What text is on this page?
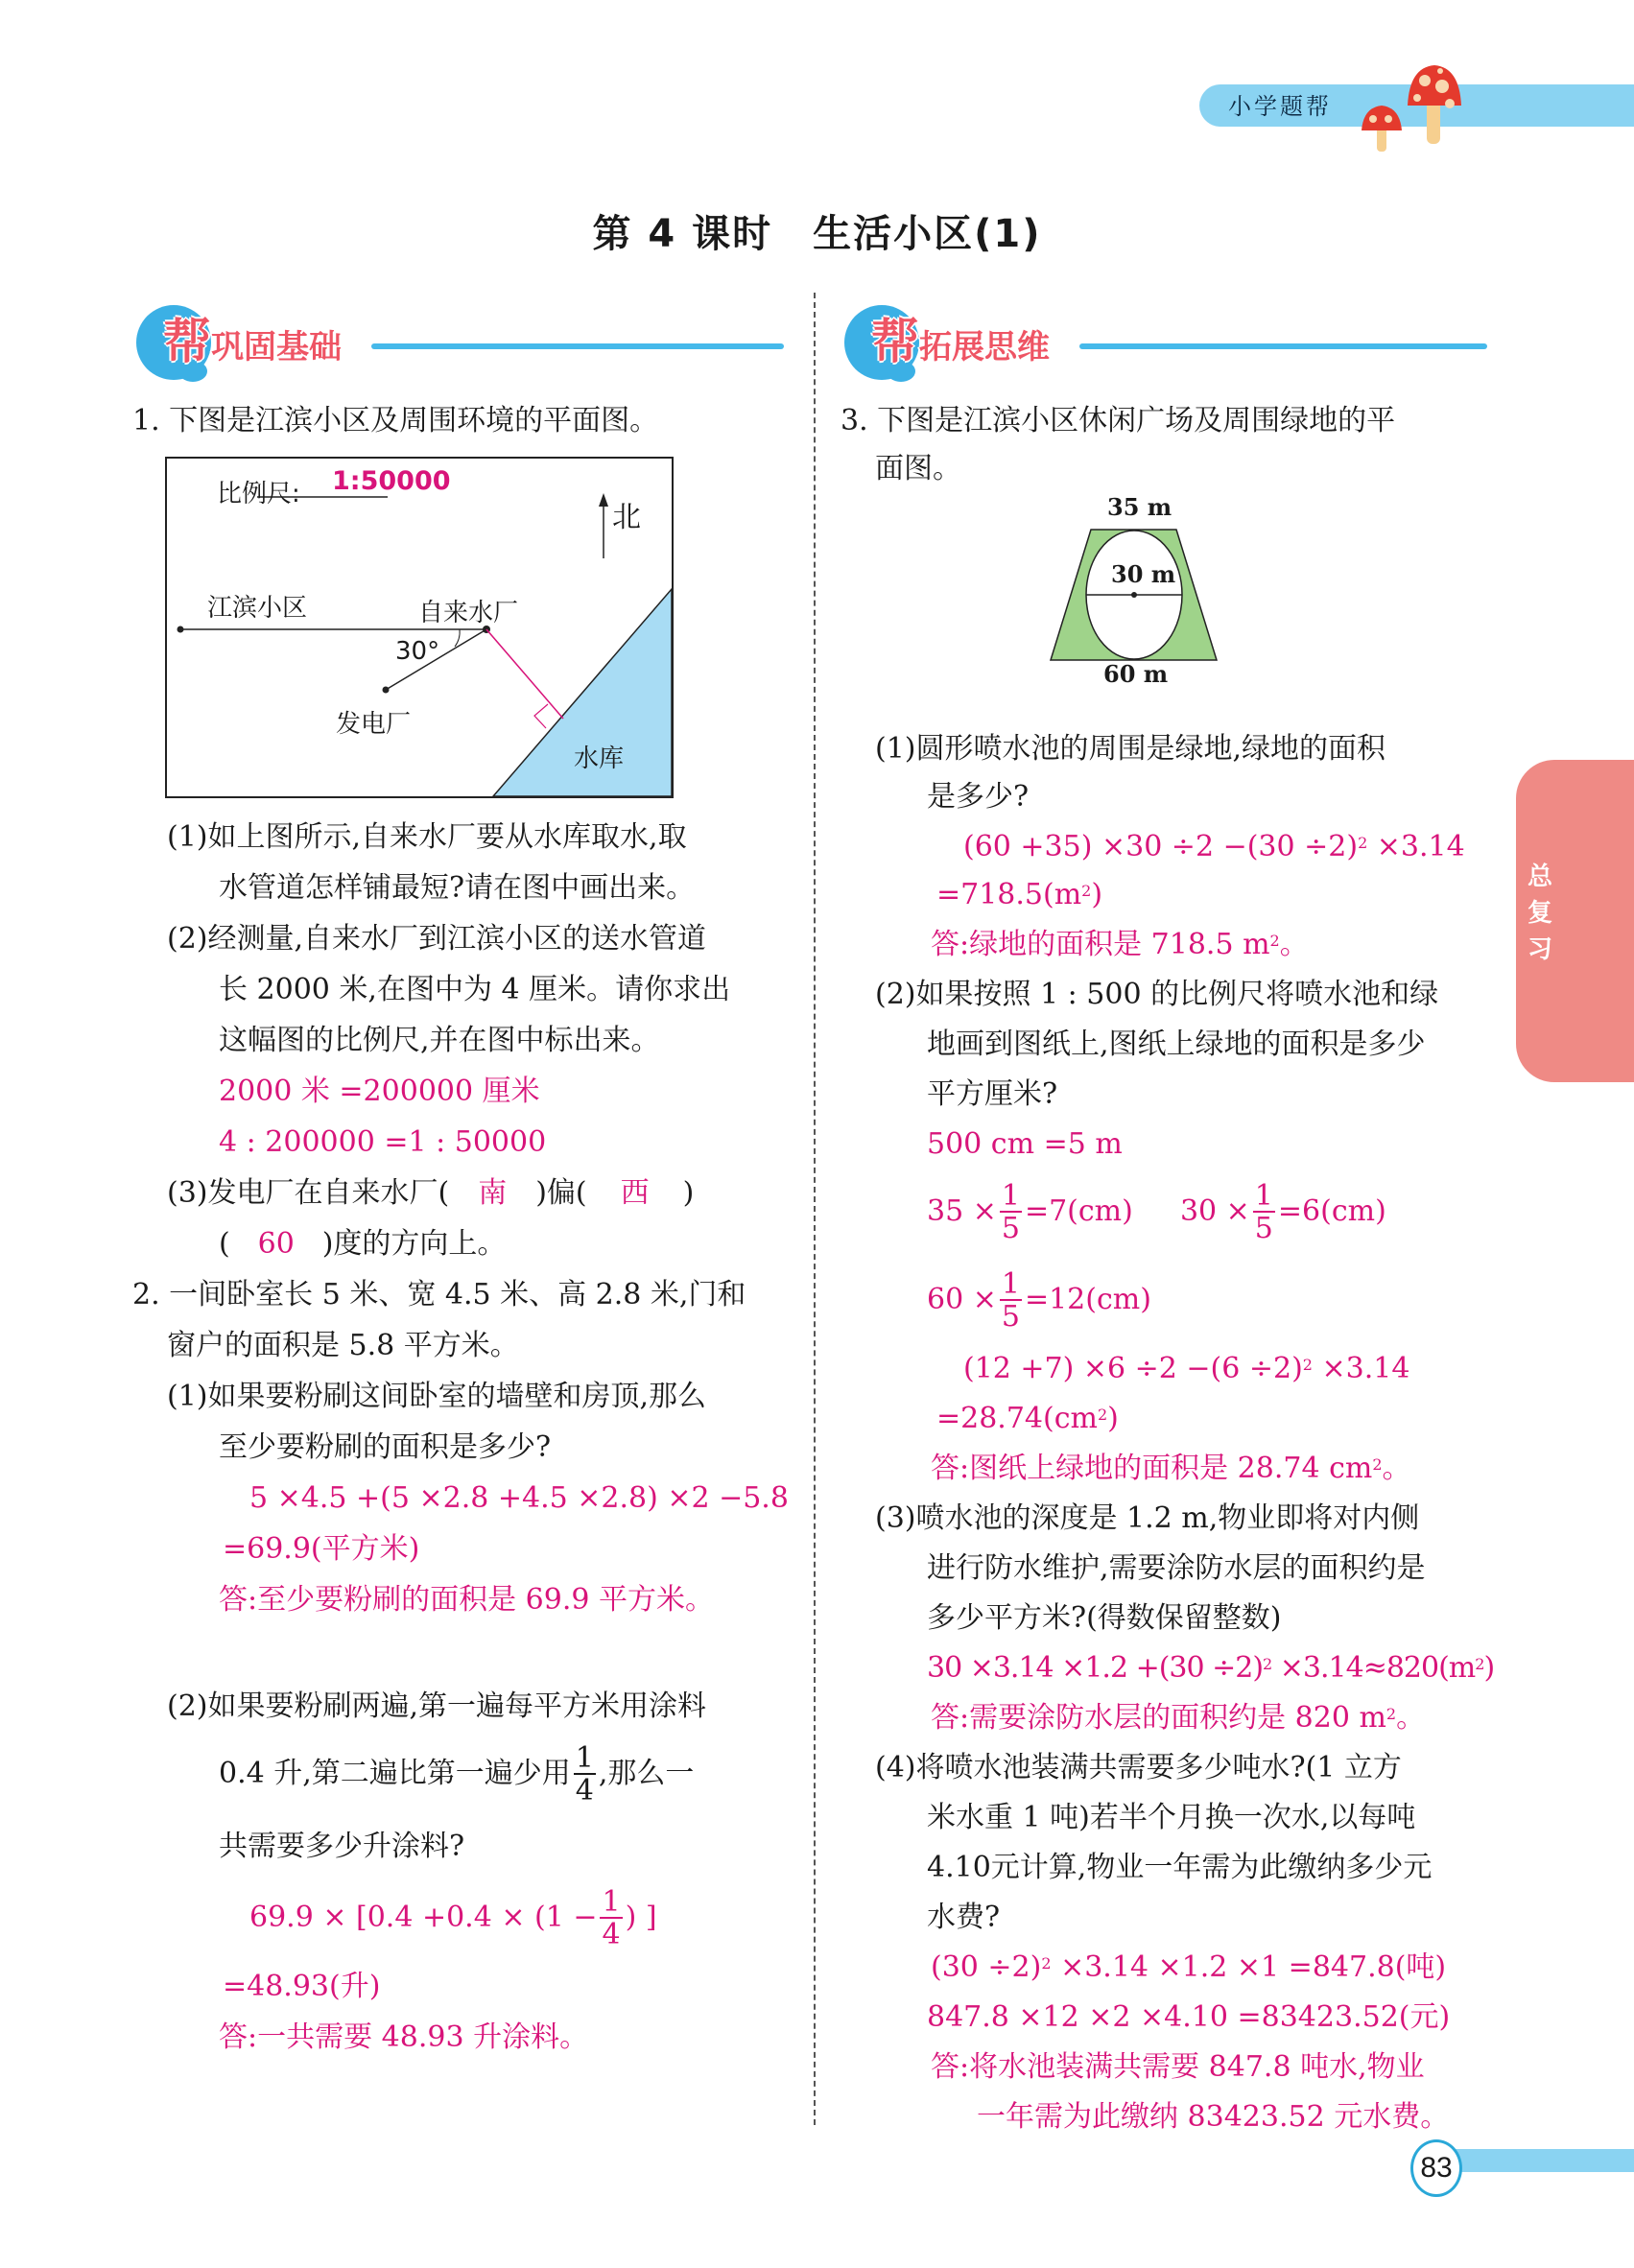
小学题帮
第 4 课时　生活小区(1)
帮巩固基础	帮拓展思维
1. 下图是江滨小区及周围环境的平面图。
比例尺: 1:50000
北
江滨小区	自来水厂
30°
发电厂
水库
(1)如上图所示,自来水厂要从水库取水,取
水管道怎样铺最短?请在图中画出来。
(2)经测量,自来水厂到江滨小区的送水管道
长 2000 米,在图中为 4 厘米。请你求出
这幅图的比例尺,并在图中标出来。
2000 米 =200000 厘米
4 : 200000 =1 : 50000
(3)发电厂在自来水厂( 南 )偏( 西 )
( 60 )度的方向上。
2. 一间卧室长 5 米、宽 4.5 米、高 2.8 米,门和
窗户的面积是 5.8 平方米。
(1)如果要粉刷这间卧室的墙壁和房顶,那么
至少要粉刷的面积是多少?
5 ×4.5 +(5 ×2.8 +4.5 ×2.8) ×2 −5.8
=69.9(平方米)
答:至少要粉刷的面积是 69.9 平方米。
(2)如果要粉刷两遍,第一遍每平方米用涂料
0.4 升,第二遍比第一遍少用 $\frac{1}{4}$ ,那么一
共需要多少升涂料?
$69.9 \times [0.4 +0.4 \times (1 - \frac{1}{4}$ ) ]
=48.93(升)
答:一共需要 48.93 升涂料。
3. 下图是江滨小区休闲广场及周围绿地的平
面图。
35 m
30 m
60 m
(1)圆形喷水池的周围是绿地,绿地的面积
是多少?
$(60 +35) \times 30 \div 2 -(30 \div 2)^2 \times 3.14$
$=718.5(m^2)$
答:绿地的面积是 718.5 $m^2$。
(2)如果按照 1 : 500 的比例尺将喷水池和绿
地画到图纸上,图纸上绿地的面积是多少
平方厘米?
500 cm =5 m
$35 \times \frac{1}{5} =7(cm) 30 \times \frac{1}{5} =6(cm)$
$60 \times \frac{1}{5} =12(cm)$
$(12 +7) \times 6 \div 2 -(6 \div 2)^2 \times 3.14$
$=28.74(cm^2)$
答:图纸上绿地的面积是 28.74 $cm^2$。
(3)喷水池的深度是 1.2 m,物业即将对内侧
进行防水维护,需要涂防水层的面积约是
多少平方米?(得数保留整数)
$30 \times 3.14 \times 1.2 +(30 \div 2)^2 \times 3.14\approx 820(m^2)$
答:需要涂防水层的面积约是 820 $m^2$。
(4)将喷水池装满共需要多少吨水?(1 立方
米水重 1 吨)若半个月换一次水,以每吨
4.10元计算,物业一年需为此缴纳多少元
水费?
$(30 \div 2)^2 \times 3.14 \times 1.2 \times 1 =847.8$(吨)
847.8 ×12 ×2 ×4.10 =83423.52(元)
答:将水池装满共需要 847.8 吨水,物业
一年需为此缴纳 83423.52 元水费。
总
复
习
83
